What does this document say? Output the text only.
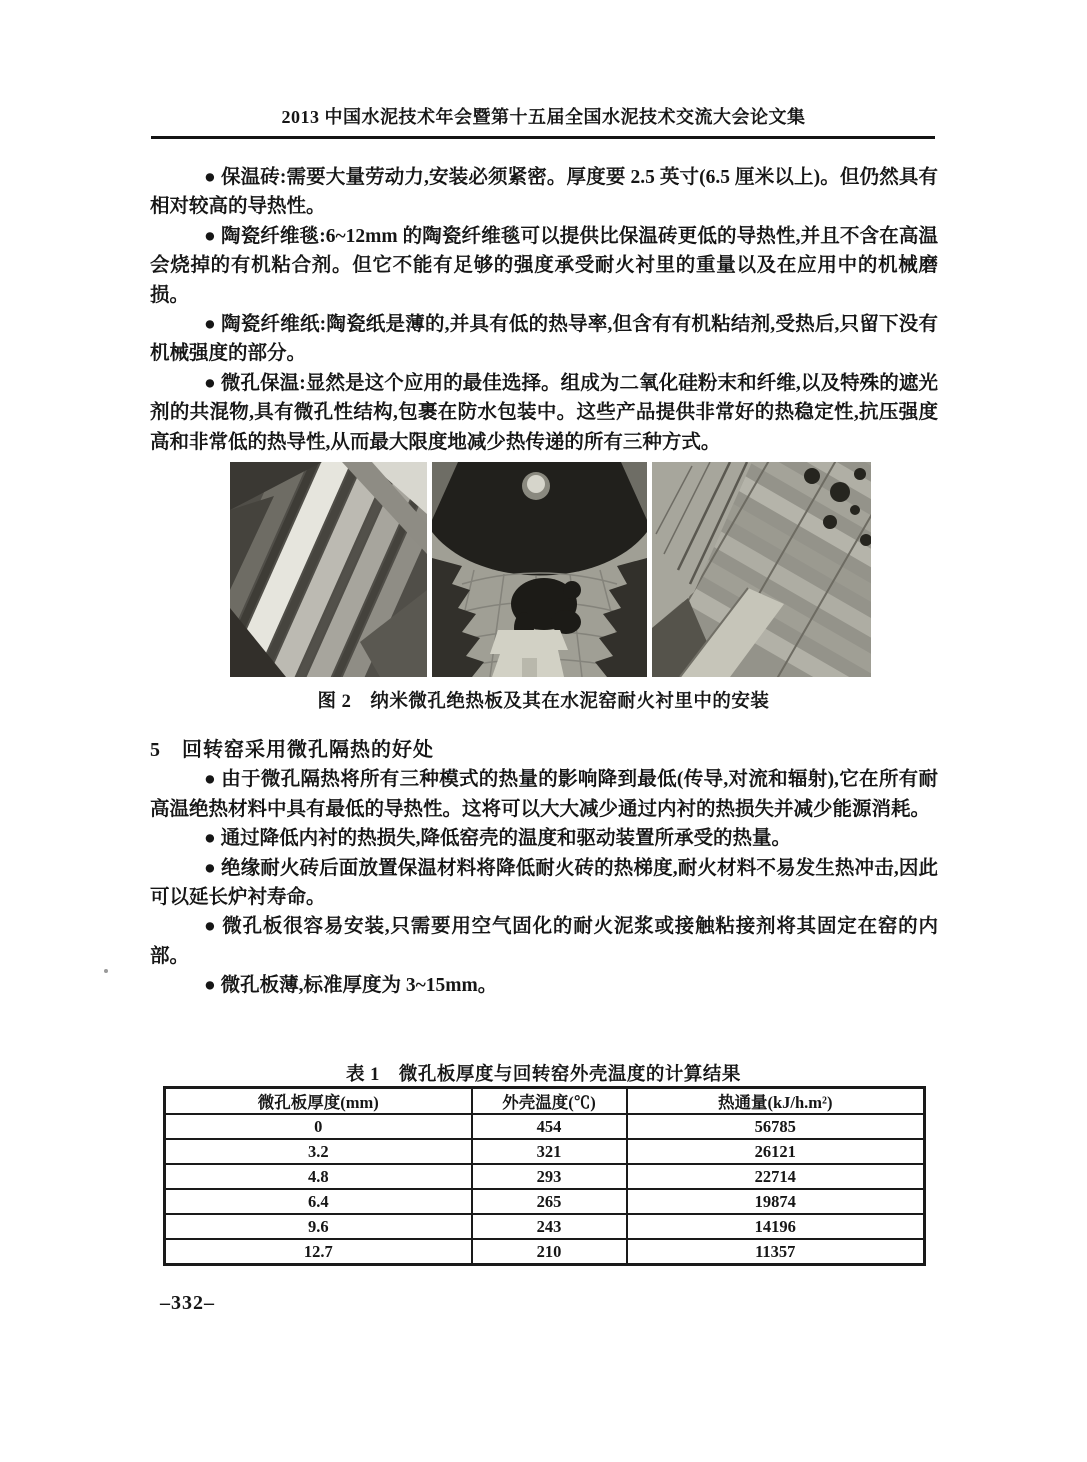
2013 中国水泥技术年会暨第十五届全国水泥技术交流大会论文集

● 保温砖:需要大量劳动力,安装必须紧密。厚度要 2.5 英寸(6.5 厘米以上)。但仍然具有相对较高的导热性。

● 陶瓷纤维毯:6~12mm 的陶瓷纤维毯可以提供比保温砖更低的导热性,并且不含在高温会烧掉的有机粘合剂。但它不能有足够的强度承受耐火衬里的重量以及在应用中的机械磨损。

● 陶瓷纤维纸:陶瓷纸是薄的,并具有低的热导率,但含有有机粘结剂,受热后,只留下没有机械强度的部分。

● 微孔保温:显然是这个应用的最佳选择。组成为二氧化硅粉末和纤维,以及特殊的遮光剂的共混物,具有微孔性结构,包裹在防水包装中。这些产品提供非常好的热稳定性,抗压强度高和非常低的热导性,从而最大限度地减少热传递的所有三种方式。

图 2　纳米微孔绝热板及其在水泥窑耐火衬里中的安装
5　回转窑采用微孔隔热的好处

● 由于微孔隔热将所有三种模式的热量的影响降到最低(传导,对流和辐射),它在所有耐高温绝热材料中具有最低的导热性。这将可以大大减少通过内衬的热损失并减少能源消耗。

● 通过降低内衬的热损失,降低窑壳的温度和驱动装置所承受的热量。

● 绝缘耐火砖后面放置保温材料将降低耐火砖的热梯度,耐火材料不易发生热冲击,因此可以延长炉衬寿命。

● 微孔板很容易安装,只需要用空气固化的耐火泥浆或接触粘接剂将其固定在窑的内部。

● 微孔板薄,标准厚度为 3~15mm。

表 1　微孔板厚度与回转窑外壳温度的计算结果
微孔板厚度(mm)	外壳温度(℃)	热通量(kJ/h.m²)
0	454	56785
3.2	321	26121
4.8	293	22714
6.4	265	19874
9.6	243	14196
12.7	210	11357
–332–
